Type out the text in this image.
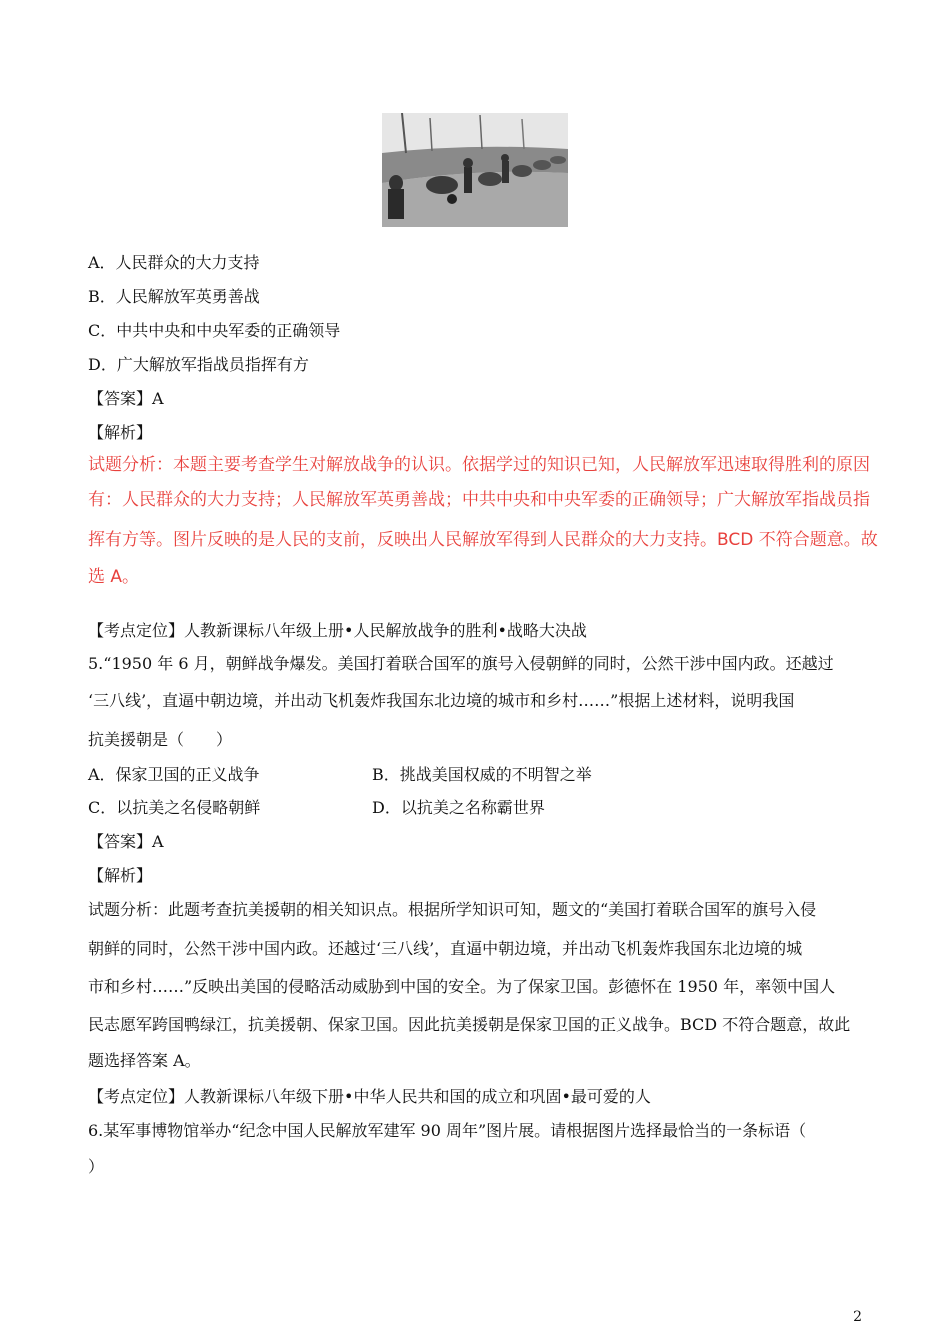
A．人民群众的大力支持
B．人民解放军英勇善战
C．中共中央和中央军委的正确领导
D．广大解放军指战员指挥有方
【答案】A
【解析】
试题分析：本题主要考查学生对解放战争的认识。依据学过的知识已知，人民解放军迅速取得胜利的原因
有：人民群众的大力支持；人民解放军英勇善战；中共中央和中央军委的正确领导；广大解放军指战员指
挥有方等。图片反映的是人民的支前，反映出人民解放军得到人民群众的大力支持。BCD 不符合题意。故
选 A。
【考点定位】人教新课标八年级上册•人民解放战争的胜利•战略大决战
5.“1950 年 6 月，朝鲜战争爆发。美国打着联合国军的旗号入侵朝鲜的同时，公然干涉中国内政。还越过
‘三八线’，直逼中朝边境，并出动飞机轰炸我国东北边境的城市和乡村……”根据上述材料，说明我国
抗美援朝是（　　）
A．保家卫国的正义战争	B．挑战美国权威的不明智之举
C．以抗美之名侵略朝鲜	D．以抗美之名称霸世界
【答案】A
【解析】
试题分析：此题考查抗美援朝的相关知识点。根据所学知识可知，题文的“美国打着联合国军的旗号入侵
朝鲜的同时，公然干涉中国内政。还越过‘三八线’，直逼中朝边境，并出动飞机轰炸我国东北边境的城
市和乡村……”反映出美国的侵略活动威胁到中国的安全。为了保家卫国。彭德怀在 1950 年，率领中国人
民志愿军跨国鸭绿江，抗美援朝、保家卫国。因此抗美援朝是保家卫国的正义战争。BCD 不符合题意，故此
题选择答案 A。
【考点定位】人教新课标八年级下册•中华人民共和国的成立和巩固•最可爱的人
6.某军事博物馆举办“纪念中国人民解放军建军 90 周年”图片展。请根据图片选择最恰当的一条标语（
）
2
